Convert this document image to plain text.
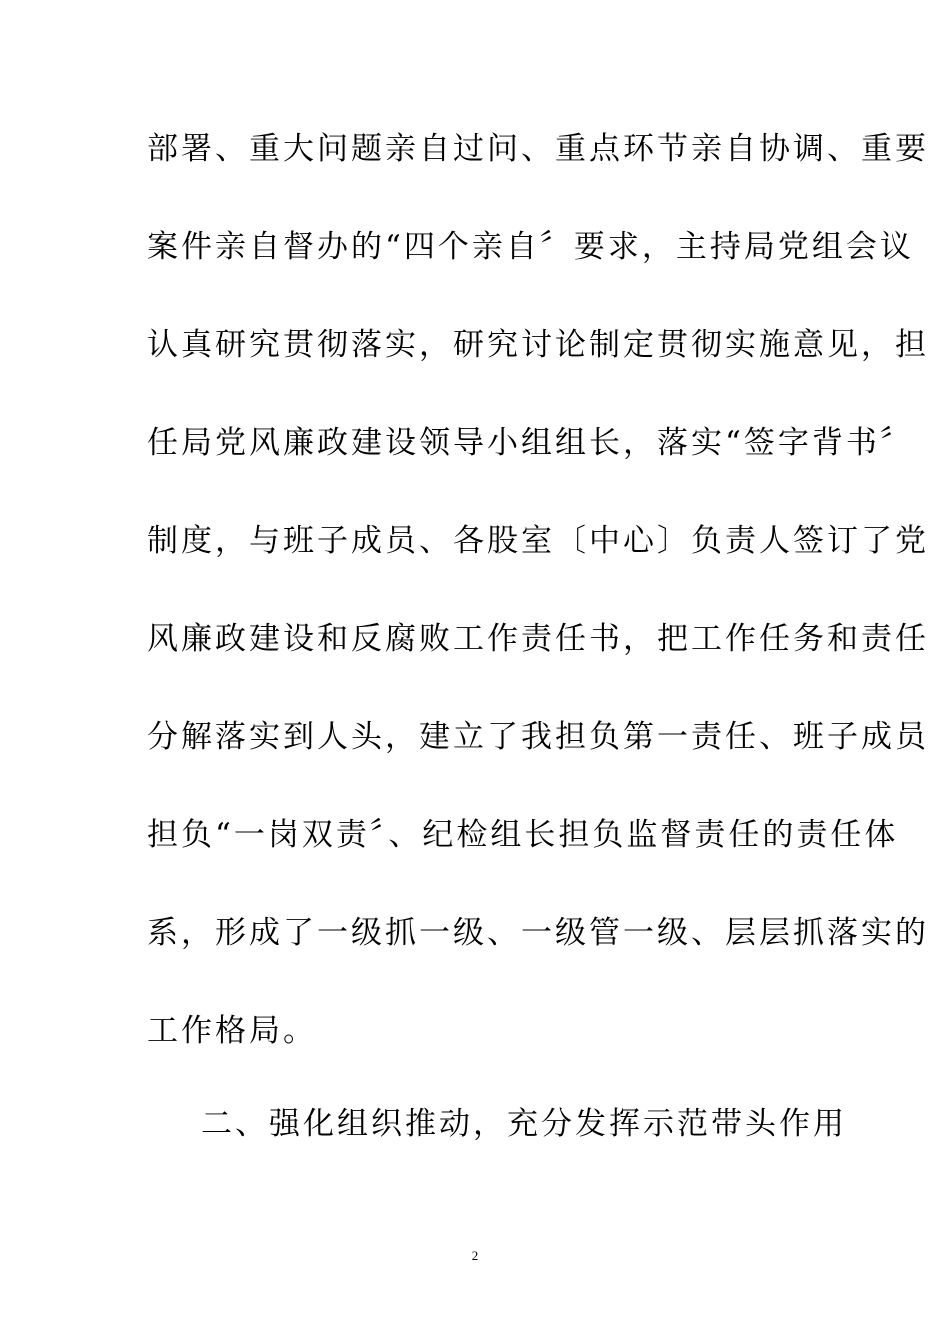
部署、重大问题亲自过问、重点环节亲自协调、重要
案件亲自督办的“四个亲自〞要求，主持局党组会议
认真研究贯彻落实，研究讨论制定贯彻实施意见，担
任局党风廉政建设领导小组组长，落实“签字背书〞
制度，与班子成员、各股室〔中心〕负责人签订了党
风廉政建设和反腐败工作责任书，把工作任务和责任
分解落实到人头，建立了我担负第一责任、班子成员
担负“一岗双责〞、纪检组长担负监督责任的责任体
系，形成了一级抓一级、一级管一级、层层抓落实的
工作格局。
二、强化组织推动，充分发挥示范带头作用
2
